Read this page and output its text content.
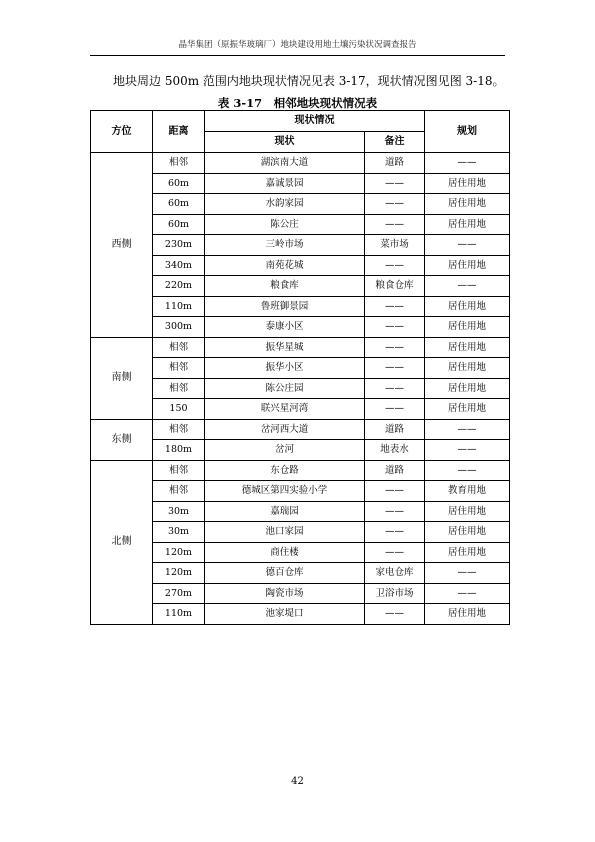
晶华集团（原振华玻璃厂）地块建设用地土壤污染状况调查报告
地块周边 500m 范围内地块现状情况见表 3-17，现状情况图见图 3-18。
表 3-17　相邻地块现状情况表
方位	距离	现状情况		规划
		现状	备注	
西侧	相邻	湖滨南大道	道路	——
	60m	嘉诚景园	——	居住用地
	60m	水韵家园	——	居住用地
	60m	陈公庄	——	居住用地
	230m	三岭市场	菜市场	——
	340m	南苑花城	——	居住用地
	220m	粮食库	粮食仓库	——
	110m	鲁班御景园	——	居住用地
	300m	泰康小区	——	居住用地
南侧	相邻	振华星城	——	居住用地
	相邻	振华小区	——	居住用地
	相邻	陈公庄园	——	居住用地
	150	联兴星河湾	——	居住用地
东侧	相邻	岔河西大道	道路	——
	180m	岔河	地表水	——
北侧	相邻	东仓路	道路	——
	相邻	德城区第四实验小学	——	教育用地
	30m	嘉瑞园	——	居住用地
	30m	池口家园	——	居住用地
	120m	商住楼	——	居住用地
	120m	德百仓库	家电仓库	——
	270m	陶瓷市场	卫浴市场	——
	110m	池家堤口	——	居住用地
42
